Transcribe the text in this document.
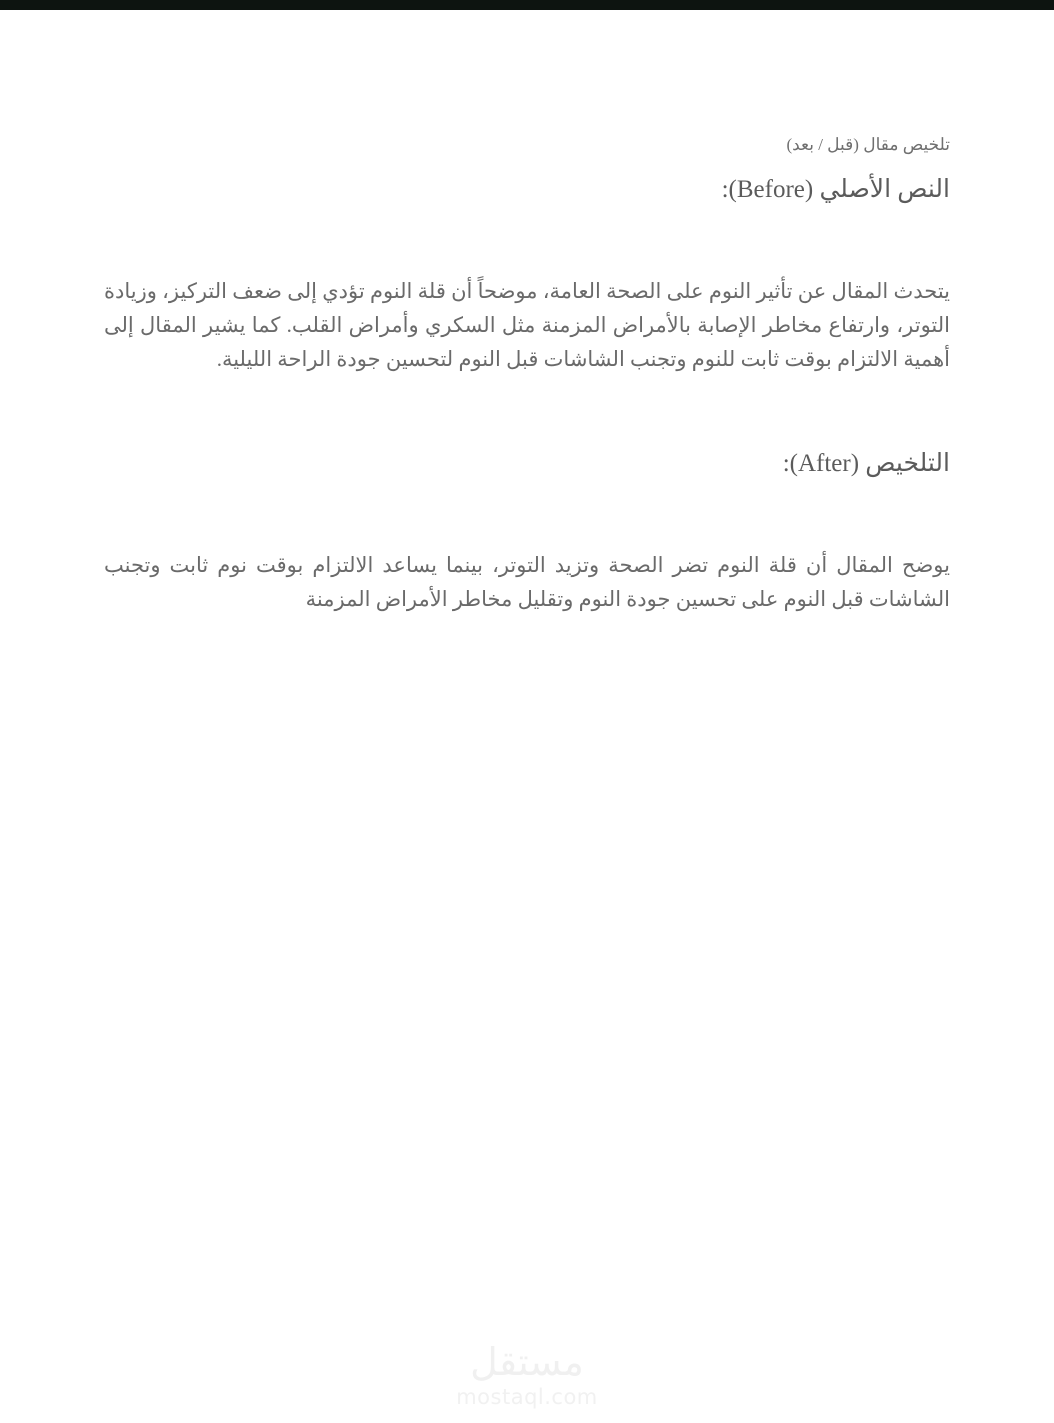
تلخيص مقال (قبل / بعد)

النص الأصلي (Before):

يتحدث المقال عن تأثير النوم على الصحة العامة، موضحاً أن قلة النوم تؤدي إلى ضعف التركيز، وزيادة التوتر، وارتفاع مخاطر الإصابة بالأمراض المزمنة مثل السكري وأمراض القلب. كما يشير المقال إلى أهمية الالتزام بوقت ثابت للنوم وتجنب الشاشات قبل النوم لتحسين جودة الراحة الليلية.

التلخيص (After):

يوضح المقال أن قلة النوم تضر الصحة وتزيد التوتر، بينما يساعد الالتزام بوقت نوم ثابت وتجنب الشاشات قبل النوم على تحسين جودة النوم وتقليل مخاطر الأمراض المزمنة

مستقل
mostaql.com
